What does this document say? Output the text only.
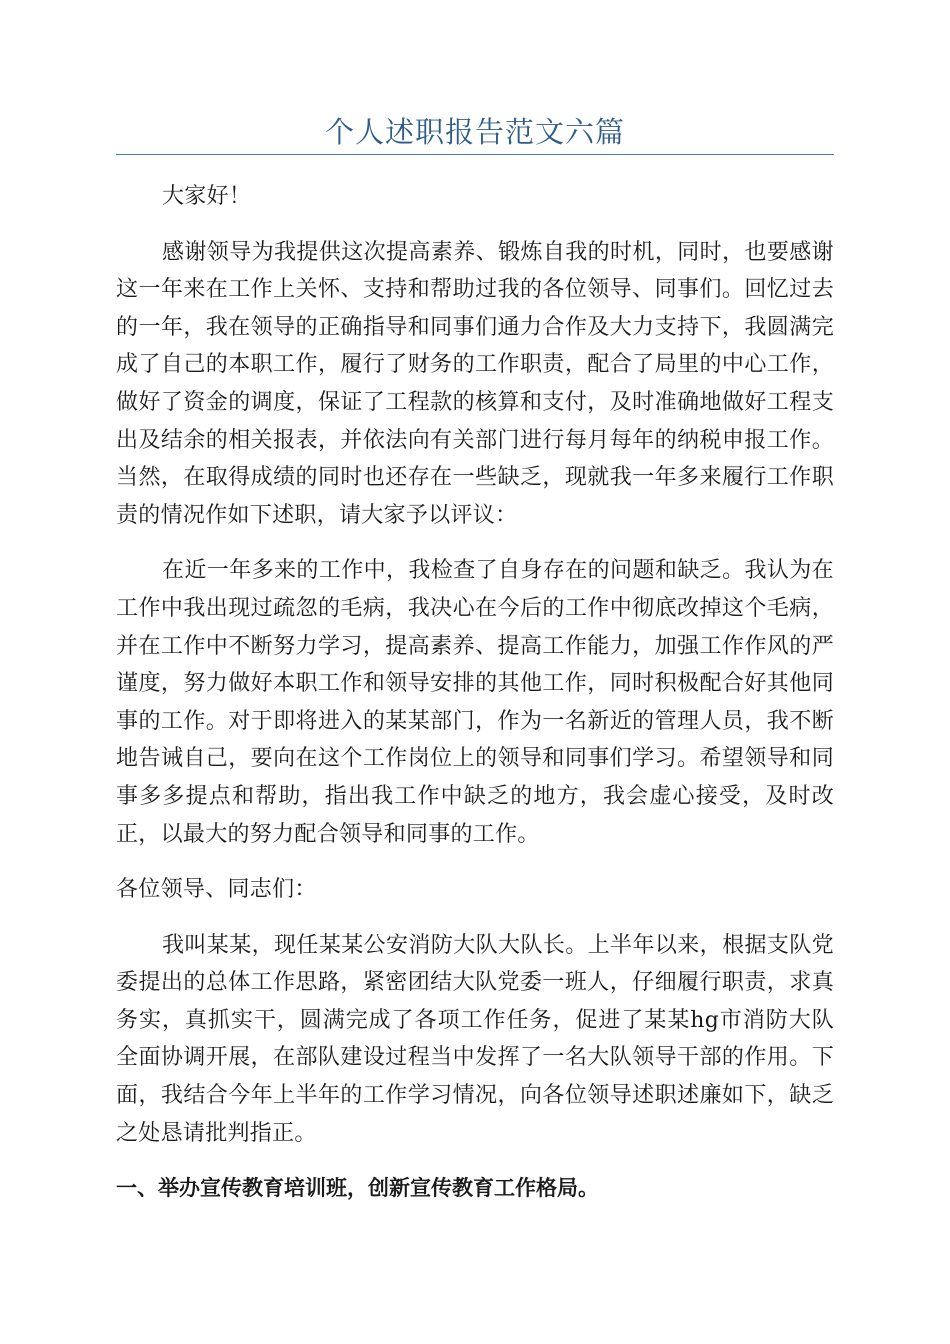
个人述职报告范文六篇

大家好！

感谢领导为我提供这次提高素养、锻炼自我的时机，同时，也要感谢这一年来在工作上关怀、支持和帮助过我的各位领导、同事们。回忆过去的一年，我在领导的正确指导和同事们通力合作及大力支持下，我圆满完成了自己的本职工作，履行了财务的工作职责，配合了局里的中心工作，做好了资金的调度，保证了工程款的核算和支付，及时准确地做好工程支出及结余的相关报表，并依法向有关部门进行每月每年的纳税申报工作。当然，在取得成绩的同时也还存在一些缺乏，现就我一年多来履行工作职责的情况作如下述职，请大家予以评议：

在近一年多来的工作中，我检查了自身存在的问题和缺乏。我认为在工作中我出现过疏忽的毛病，我决心在今后的工作中彻底改掉这个毛病，并在工作中不断努力学习，提高素养、提高工作能力，加强工作作风的严谨度，努力做好本职工作和领导安排的其他工作，同时积极配合好其他同事的工作。对于即将进入的某某部门，作为一名新近的管理人员，我不断地告诫自己，要向在这个工作岗位上的领导和同事们学习。希望领导和同事多多提点和帮助，指出我工作中缺乏的地方，我会虚心接受，及时改正，以最大的努力配合领导和同事的工作。

各位领导、同志们：

我叫某某，现任某某公安消防大队大队长。上半年以来，根据支队党委提出的总体工作思路，紧密团结大队党委一班人，仔细履行职责，求真务实，真抓实干，圆满完成了各项工作任务，促进了某某hg市消防大队全面协调开展，在部队建设过程当中发挥了一名大队领导干部的作用。下面，我结合今年上半年的工作学习情况，向各位领导述职述廉如下，缺乏之处恳请批判指正。

一、举办宣传教育培训班，创新宣传教育工作格局。
